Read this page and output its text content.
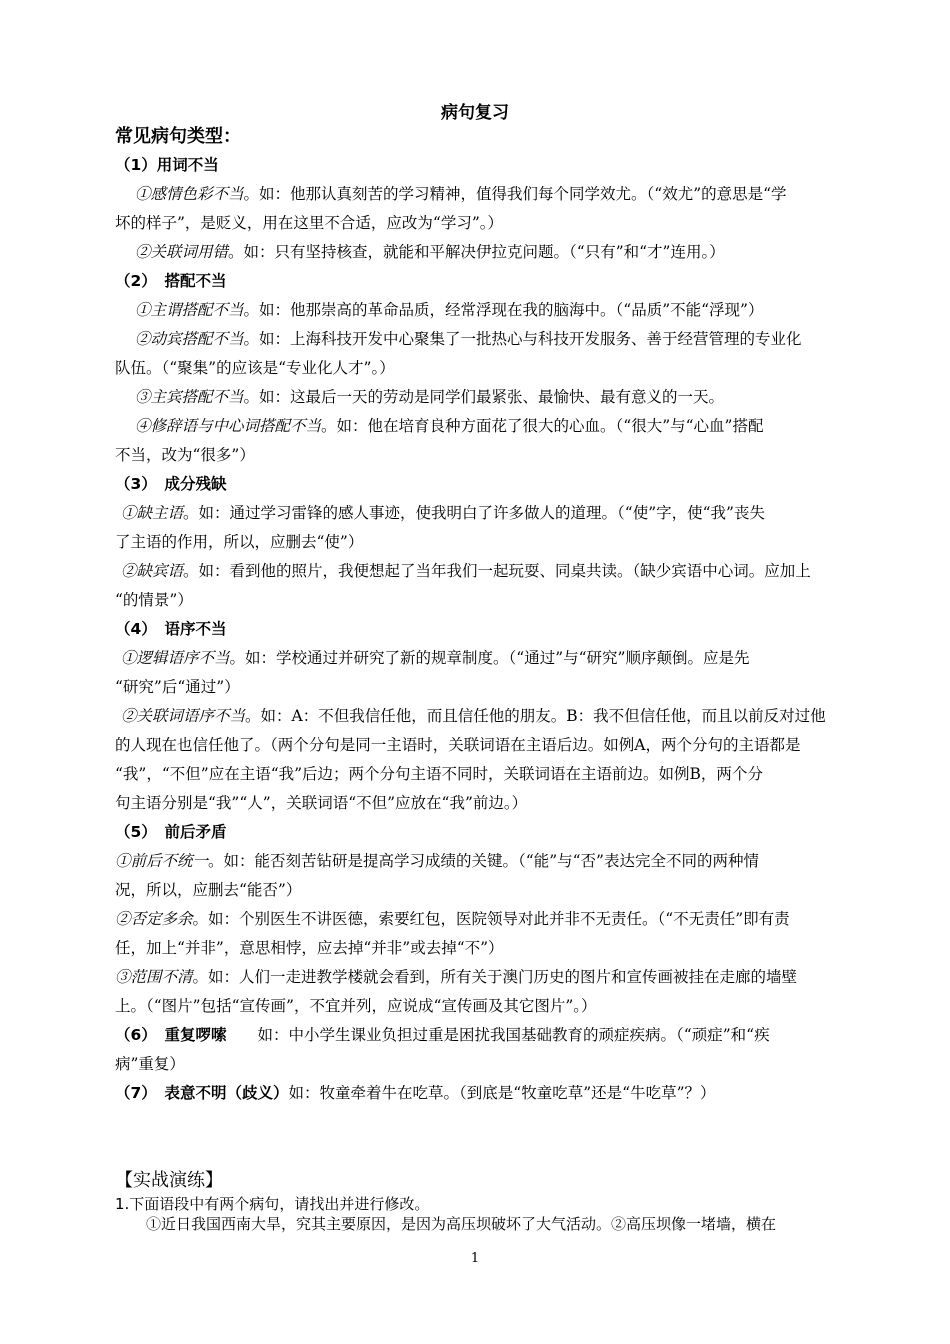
病句复习
常见病句类型：
（1）用词不当
①感情色彩不当。如：他那认真刻苦的学习精神，值得我们每个同学效尤。（“效尤”的意思是“学
坏的样子”，是贬义，用在这里不合适，应改为“学习”。）
②关联词用错。如：只有坚持核查，就能和平解决伊拉克问题。（“只有”和“才”连用。）
（2）　搭配不当
①主谓搭配不当。如：他那崇高的革命品质，经常浮现在我的脑海中。（“品质”不能“浮现”）
②动宾搭配不当。如：上海科技开发中心聚集了一批热心与科技开发服务、善于经营管理的专业化
队伍。（“聚集”的应该是“专业化人才”。）
③主宾搭配不当。如：这最后一天的劳动是同学们最紧张、最愉快、最有意义的一天。
④修辞语与中心词搭配不当。如：他在培育良种方面花了很大的心血。（“很大”与“心血”搭配
不当，改为“很多”）
（3）　成分残缺
①缺主语。如：通过学习雷锋的感人事迹，使我明白了许多做人的道理。（“使”字，使“我”丧失
了主语的作用，所以，应删去“使”）
②缺宾语。如：看到他的照片，我便想起了当年我们一起玩耍、同桌共读。（缺少宾语中心词。应加上
“的情景”）
（4）　语序不当
①逻辑语序不当。如：学校通过并研究了新的规章制度。（“通过”与“研究”顺序颠倒。应是先
“研究”后“通过”）
②关联词语序不当。如：A：不但我信任他，而且信任他的朋友。B：我不但信任他，而且以前反对过他
的人现在也信任他了。（两个分句是同一主语时，关联词语在主语后边。如例A，两个分句的主语都是
“我”，“不但”应在主语“我”后边；两个分句主语不同时，关联词语在主语前边。如例B，两个分
句主语分别是“我”“人”，关联词语“不但”应放在“我”前边。）
（5）　前后矛盾
①前后不统一。如：能否刻苦钻研是提高学习成绩的关键。（“能”与“否”表达完全不同的两种情
况，所以，应删去“能否”）
②否定多余。如：个别医生不讲医德，索要红包，医院领导对此并非不无责任。（“不无责任”即有责
任，加上“并非”，意思相悖，应去掉“并非”或去掉“不”）
③范围不清。如：人们一走进教学楼就会看到，所有关于澳门历史的图片和宣传画被挂在走廊的墙壁
上。（“图片”包括“宣传画”，不宜并列，应说成“宣传画及其它图片”。）
（6）　重复啰嗦　　如：中小学生课业负担过重是困扰我国基础教育的顽症疾病。（“顽症”和“疾
病”重复）
（7）　表意不明（歧义）如：牧童牵着牛在吃草。（到底是“牧童吃草”还是“牛吃草”？）
【实战演练】
1.下面语段中有两个病句，请找出并进行修改。
①近日我国西南大旱，究其主要原因，是因为高压坝破坏了大气活动。②高压坝像一堵墙，横在
1
